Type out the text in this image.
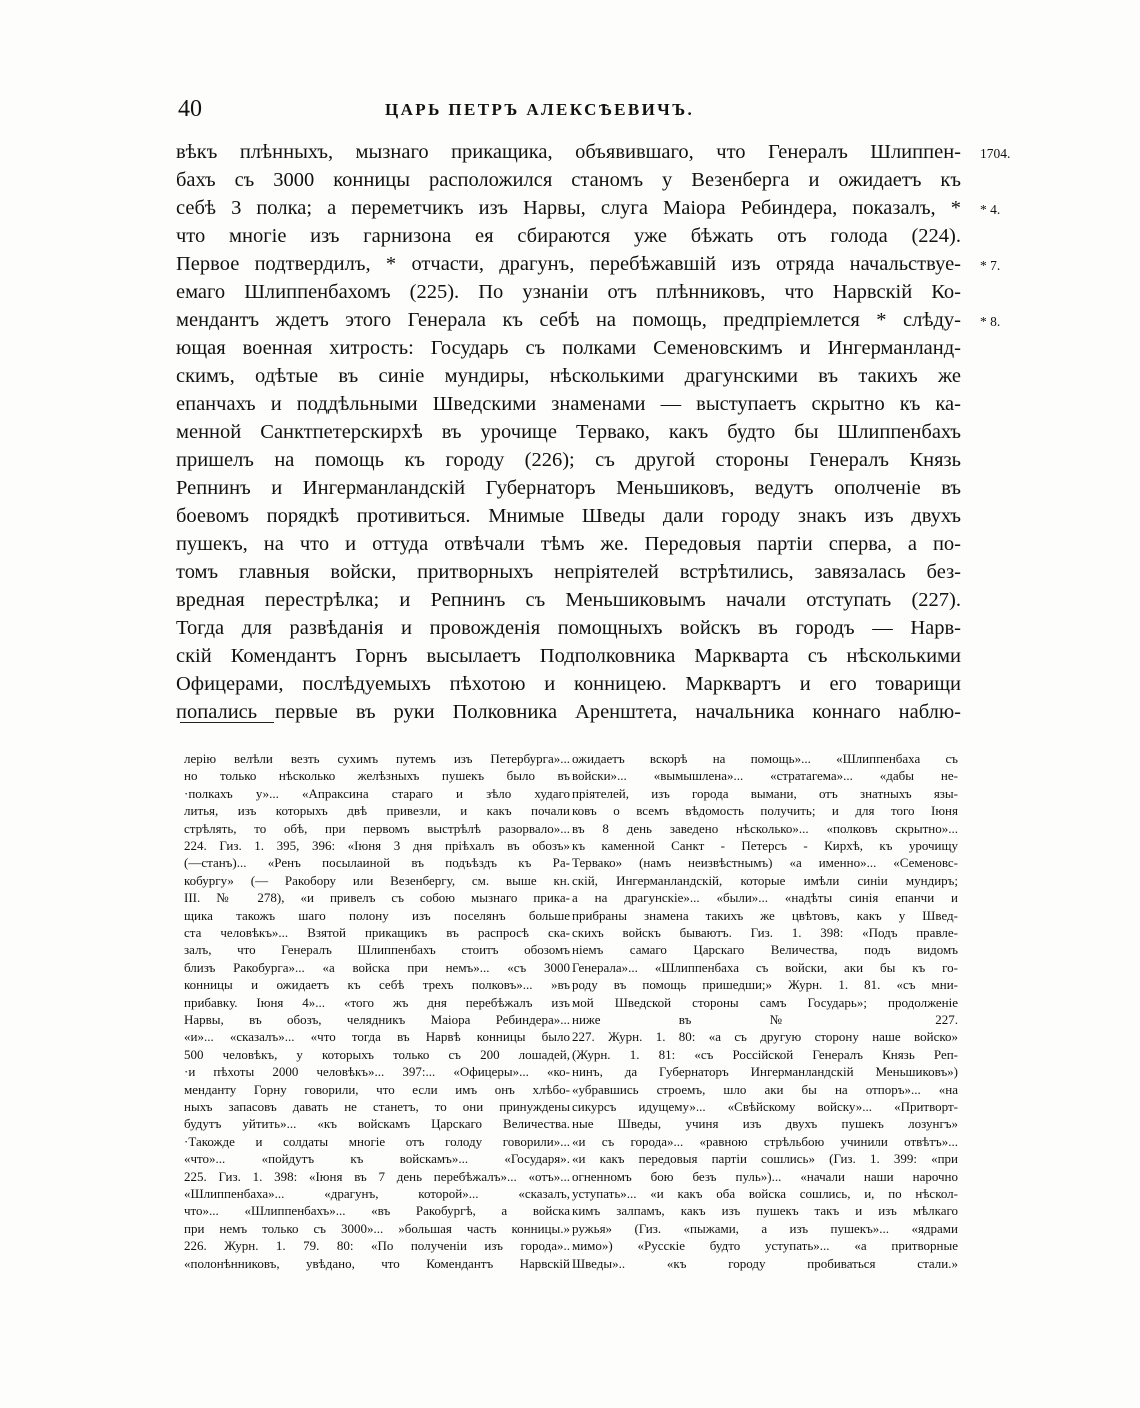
40	ЦАРЬ ПЕТРЪ АЛЕКСѢЕВИЧЪ.
вѣкъ плѣнныхъ, мызнаго прикащика, объявившаго, что Генералъ Шлиппен-
бахъ съ 3000 конницы расположился станомъ у Везенберга и ожидаетъ къ
себѣ 3 полка; а переметчикъ изъ Нарвы, слуга Маіора Ребиндера, показалъ, *
что многіе изъ гарнизона ея сбираются уже бѣжать отъ голода (224).
Первое подтвердилъ, * отчасти, драгунъ, перебѣжавшій изъ отряда начальствуе-
емаго Шлиппенбахомъ (225). По узнаніи отъ плѣнниковъ, что Нарвскій Ко-
мендантъ ждетъ этого Генерала къ себѣ на помощь, предпріемлется * слѣду-
ющая военная хитрость: Государь съ полками Семеновскимъ и Ингерманланд-
скимъ, одѣтые въ синіе мундиры, нѣсколькими драгунскими въ такихъ же
епанчахъ и поддѣльными Шведскими знаменами — выступаетъ скрытно къ ка-
менной Санктпетерскирхѣ въ урочище Тервако, какъ будто бы Шлиппенбахъ
пришелъ на помощь къ городу (226); съ другой стороны Генералъ Князь
Репнинъ и Ингерманландскій Губернаторъ Меньшиковъ, ведутъ ополченіе въ
боевомъ порядкѣ противиться. Мнимые Шведы дали городу знакъ изъ двухъ
пушекъ, на что и оттуда отвѣчали тѣмъ же. Передовыя партіи сперва, а по-
томъ главныя войски, притворныхъ непріятелей встрѣтились, завязалась без-
вредная перестрѣлка; и Репнинъ съ Меньшиковымъ начали отступать (227).
Тогда для развѣданія и провожденія помощныхъ войскъ въ городъ — Нарв-
скій Комендантъ Горнъ высылаетъ Подполковника Маркварта съ нѣсколькими
Офицерами, послѣдуемыхъ пѣхотою и конницею. Марквартъ и его товарищи
попались первые въ руки Полковника Аренштета, начальника коннаго наблю-
1704.
* 4.
* 7.
* 8.
лерію велѣли везть сухимъ путемъ изъ Петербурга»...
но только нѣсколько желѣзныхъ пушекъ было въ
·полкахъ у»... «Апраксина стараго и зѣло худаго
литья, изъ которыхъ двѣ привезли, и какъ почали
стрѣлять, то обѣ, при первомъ выстрѣлѣ разорвало»...
224. Гиз. 1. 395, 396: «Іюня 3 дня пріѣхалъ въ обозъ»
(—станъ)... «Ренъ посылаиной въ подъѣздъ къ Ра-
кобургу» (— Ракобору или Везенбергу, см. выше кн.
III. № 278), «и привелъ съ собою мызнаго прика-
щика такожъ шаго полону изъ поселянъ больше
ста человѣкъ»... Взятой прикащикъ въ распросѣ ска-
залъ, что Генералъ Шлиппенбахъ стоитъ обозомъ
близъ Ракобурга»... «а войска при немъ»... «съ 3000
конницы и ожидаетъ къ себѣ трехъ полковъ»... »въ
прибавку. Іюня 4»... «того жъ дня перебѣжалъ изъ
Нарвы, въ обозъ, челядникъ Маіора Ребиндера»...
«и»... «сказалъ»... «что тогда въ Нарвѣ конницы было
500 человѣкъ, у которыхъ только съ 200 лошадей,
·и пѣхоты 2000 человѣкъ»... 397:... «Офицеры»... «ко-
менданту Горну говорили, что если имъ онъ хлѣбо-
ныхъ запасовъ давать не станетъ, то они принуждены
будутъ уйтить»... «къ войскамъ Царскаго Величества.
·Такожде и солдаты многіе отъ голоду говорили»...
«что»... «пойдутъ къ войскамъ»... «Государя».
225. Гиз. 1. 398: «Іюня въ 7 день перебѣжалъ»... «отъ»...
«Шлиппенбаха»... «драгунъ, которой»... «сказалъ,
что»... «Шлиппенбахъ»... «въ Ракобургѣ, а войска
при немъ только съ 3000»... »большая часть конницы.»
226. Журн. 1. 79. 80: «По полученіи изъ города»..
«полонѣнниковъ, увѣдано, что Комендантъ Нарвскій
ожидаетъ вскорѣ на помощь»... «Шлиппенбаха съ
войски»... «вымышлена»... «стратагема»... «дабы не-
пріятелей, изъ города вымани, отъ знатныхъ язы-
ковъ о всемъ вѣдомость получить; и для того Іюня
въ 8 день заведено нѣсколько»... «полковъ скрытно»...
къ каменной Санкт - Петерсъ - Кирхѣ, къ урочищу
Тервако» (намъ неизвѣстнымъ) «а именно»... «Семеновс-
скій, Ингерманландскій, которые имѣли синіи мундиръ;
а на драгунскіе»... «были»... «надѣты синія епанчи и
прибраны знамена такихъ же цвѣтовъ, какъ у Швед-
скихъ войскъ бываютъ. Гиз. 1. 398: «Подъ правле-
ніемъ самаго Царскаго Величества, подъ видомъ
Генерала»... «Шлиппенбаха съ войски, аки бы къ го-
роду въ помощь пришедши;» Журн. 1. 81. «съ мни-
мой Шведской стороны самъ Государь»; продолженіе
ниже въ № 227.
227. Журн. 1. 80: «а съ другую сторону наше войско»
(Журн. 1. 81: «съ Россійской Генералъ Князь Реп-
нинъ, да Губернаторъ Ингерманландскій Меньшиковъ»)
«убравшись строемъ, шло аки бы на отпоръ»... «на
сикурсъ идущему»... «Свѣйскому войску»... «Притворт-
ные Шведы, учиня изъ двухъ пушекъ лозунгъ»
«и съ города»... «равною стрѣльбою учинили отвѣтъ»...
«и какъ передовыя партіи сошлись» (Гиз. 1. 399: «при
огненномъ бою безъ пуль»)... «начали наши нарочно
уступать»... «и какъ оба войска сошлись, и, по нѣскол-
кимъ залпамъ, какъ изъ пушекъ такъ и изъ мѣлкаго
ружья» (Гиз. «пыжами, а изъ пушекъ»... «ядрами
мимо») «Русскіе будто уступать»... «а притворные
Шведы».. «къ городу пробиваться стали.»
